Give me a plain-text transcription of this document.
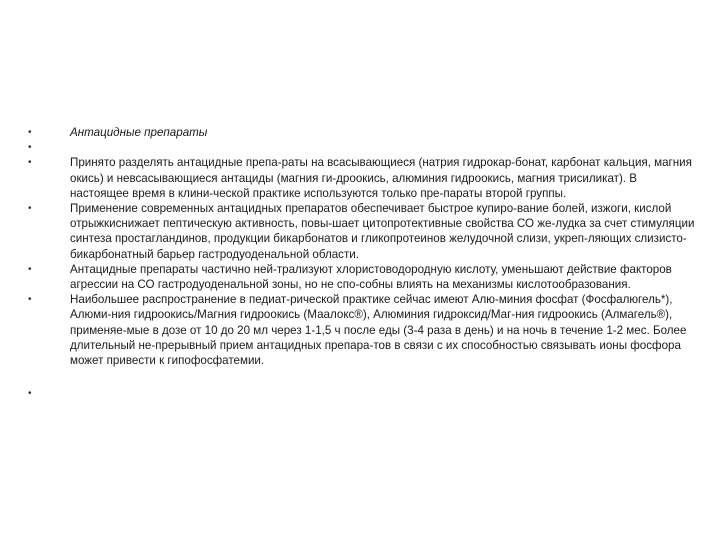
•	Антацидные препараты
•
•	Принято разделять антацидные препа-раты на всасывающиеся (натрия гидрокар-бонат, карбонат кальция, магния окись) и невсасывающиеся антациды (магния ги-дроокись, алюминия гидроокись, магния трисиликат). В настоящее время в клини-ческой практике используются только пре-параты второй группы.
•	Применение современных антацидных препаратов обеспечивает быстрое купиро-вание болей, изжоги, кислой отрыжкиснижает пептическую активность, повы-шает цитопротективные свойства СО же-лудка за счет стимуляции синтеза простагландинов, продукции бикарбонатов и гликопротеинов желудочной слизи, укреп-ляющих слизисто-бикарбонатный барьер гастродуоденальной области.
•	Антацидные препараты частично ней-трализуют хлористоводородную кислоту, уменьшают действие факторов агрессии на СО гастродуоденальной зоны, но не спо-собны влиять на механизмы кислотообразования.
•	Наибольшее распространение в педиат-рической практике сейчас имеют Алю-миния фосфат (Фосфалюгель*), Алюми-ния гидроокись/Магния гидроокись (Маалокс®), Алюминия гидроксид/Маг-ния гидроокись (Алмагель®), применяе-мые в дозе от 10 до 20 мл через 1-1,5 ч после еды (3-4 раза в день) и на ночь в течение 1-2 мес. Более длительный не-прерывный прием антацидных препара-тов в связи с их способностью связывать ионы фосфора может привести к гипофосфатемии.
•
